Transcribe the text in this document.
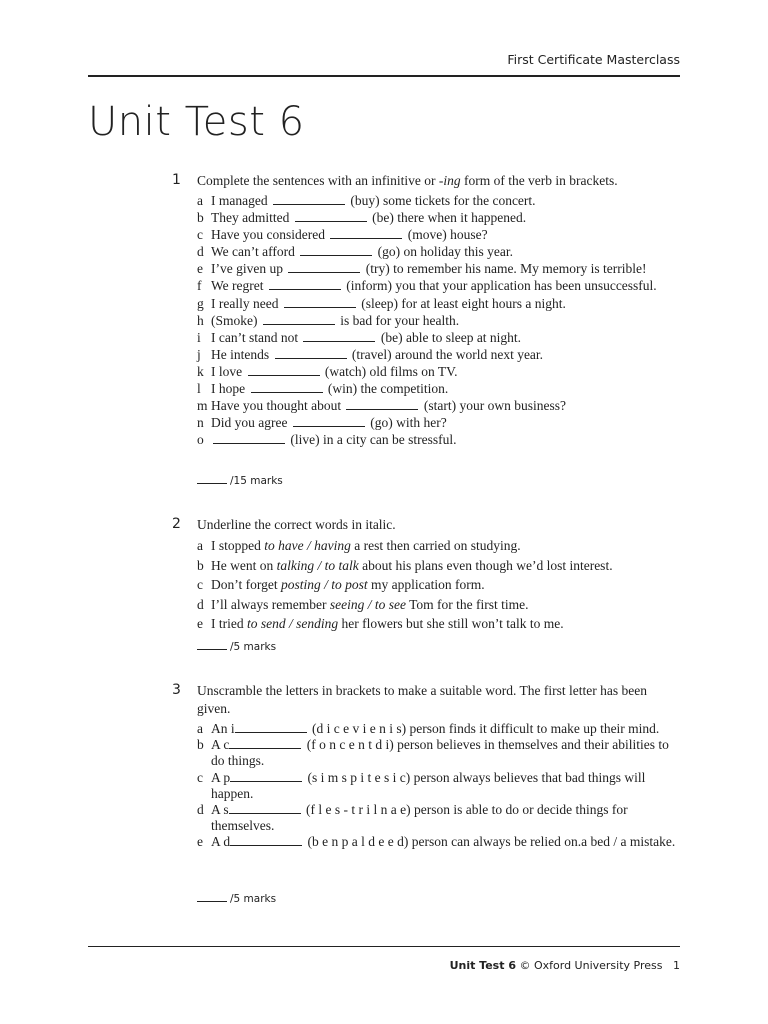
First Certificate Masterclass
Unit Test 6
1 Complete the sentences with an infinitive or -ing form of the verb in brackets.
a I managed	(buy) some tickets for the concert.
b They admitted	(be) there when it happened.
c Have you considered	(move) house?
d We can’t afford	(go) on holiday this year.
e I’ve given up	(try) to remember his name. My memory is terrible!
f We regret	(inform) you that your application has been unsuccessful.
g I really need	(sleep) for at least eight hours a night.
h (Smoke)	is bad for your health.
i I can’t stand not	(be) able to sleep at night.
j He intends	(travel) around the world next year.
k I love	(watch) old films on TV.
l I hope	(win) the competition.
m Have you thought about	(start) your own business?
n Did you agree	(go) with her?
o	(live) in a city can be stressful.
/15 marks
2 Underline the correct words in italic.
a I stopped to have / having a rest then carried on studying.
b He went on talking / to talk about his plans even though we’d lost interest.
c Don’t forget posting / to post my application form.
d I’ll always remember seeing / to see Tom for the first time.
e I tried to send / sending her flowers but she still won’t talk to me.
/5 marks
3 Unscramble the letters in brackets to make a suitable word. The first letter has been given.
a An i	(d i c e v i e n i s) person finds it difficult to make up their mind.
b A c	(f o n c e n t d i) person believes in themselves and their abilities to do things.
c A p	(s i m s p i t e s i c) person always believes that bad things will happen.
d A s	(f l e s - t r i l n a e) person is able to do or decide things for themselves.
e A d	(b e n p a l d e e d) person can always be relied on.a bed / a mistake.
/5 marks
Unit Test 6 © Oxford University Press 1
